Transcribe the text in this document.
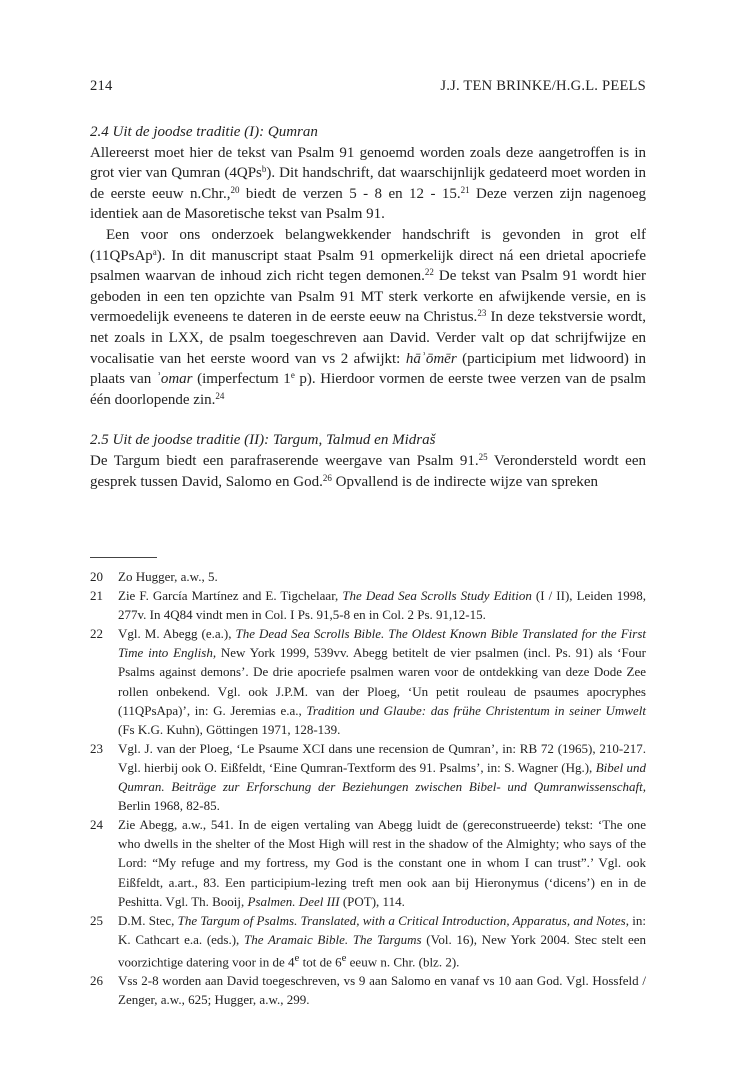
214	J.J. TEN BRINKE/H.G.L. PEELS
2.4 Uit de joodse traditie (I): Qumran

Allereerst moet hier de tekst van Psalm 91 genoemd worden zoals deze aangetroffen is in grot vier van Qumran (4QPs$^b$). Dit handschrift, dat waarschijnlijk gedateerd moet worden in de eerste eeuw n.Chr.,$^{20}$ biedt de verzen 5 - 8 en 12 - 15.21 Deze verzen zijn nagenoeg identiek aan de Masoretische tekst van Psalm 91.

Een voor ons onderzoek belangwekkender handschrift is gevonden in grot elf (11QPsAp$^a$). In dit manuscript staat Psalm 91 opmerkelijk direct ná een drietal apocriefe psalmen waarvan de inhoud zich richt tegen demonen.$^{22}$ De tekst van Psalm 91 wordt hier geboden in een ten opzichte van Psalm 91 MT sterk verkorte en afwijkende versie, en is vermoedelijk eveneens te dateren in de eerste eeuw na Christus.$^{23}$ In deze tekstversie wordt, net zoals in LXX, de psalm toegeschreven aan David. Verder valt op dat schrijfwijze en vocalisatie van het eerste woord van vs 2 afwijkt: hāʾōmēr (participium met lidwoord) in plaats van ʾomar (imperfectum 1e p). Hierdoor vormen de eerste twee verzen van de psalm één doorlopende zin.$^{24}$

2.5 Uit de joodse traditie (II): Targum, Talmud en Midraš

De Targum biedt een parafraserende weergave van Psalm 91.25 Verondersteld wordt een gesprek tussen David, Salomo en God.$^{26}$ Opvallend is de indirecte wijze van spreken

20 Zo Hugger, a.w., 5.

21 Zie F. García Martínez and E. Tigchelaar, The Dead Sea Scrolls Study Edition (I / II), Leiden 1998, 277v. In 4Q84 vindt men in Col. I Ps. 91,5-8 en in Col. 2 Ps. 91,12-15.

22 Vgl. M. Abegg (e.a.), The Dead Sea Scrolls Bible. The Oldest Known Bible Translated for the First Time into English, New York 1999, 539vv. Abegg betitelt de vier psalmen (incl. Ps. 91) als ‘Four Psalms against demons’. De drie apocriefe psalmen waren voor de ontdekking van deze Dode Zee rollen onbekend. Vgl. ook J.P.M. van der Ploeg, ‘Un petit rouleau de psaumes apocryphes (11QPsApa)’, in: G. Jeremias e.a., Tradition und Glaube: das frühe Christentum in seiner Umwelt (Fs K.G. Kuhn), Göttingen 1971, 128-139.

23 Vgl. J. van der Ploeg, ‘Le Psaume XCI dans une recension de Qumran’, in: RB 72 (1965), 210-217. Vgl. hierbij ook O. Eißfeldt, ‘Eine Qumran-Textform des 91. Psalms’, in: S. Wagner (Hg.), Bibel und Qumran. Beiträge zur Erforschung der Beziehungen zwischen Bibel- und Qumranwissenschaft, Berlin 1968, 82-85.

24 Zie Abegg, a.w., 541. In de eigen vertaling van Abegg luidt de (gereconstrueerde) tekst: ‘The one who dwells in the shelter of the Most High will rest in the shadow of the Almighty; who says of the Lord: “My refuge and my fortress, my God is the constant one in whom I can trust”.’ Vgl. ook Eißfeldt, a.art., 83. Een participium-lezing treft men ook aan bij Hieronymus (‘dicens’) en in de Peshitta. Vgl. Th. Booij, Psalmen. Deel III (POT), 114.

25 D.M. Stec, The Targum of Psalms. Translated, with a Critical Introduction, Apparatus, and Notes, in: K. Cathcart e.a. (eds.), The Aramaic Bible. The Targums (Vol. 16), New York 2004. Stec stelt een voorzichtige datering voor in de 4e tot de 6e eeuw n. Chr. (blz. 2).

26 Vss 2-8 worden aan David toegeschreven, vs 9 aan Salomo en vanaf vs 10 aan God. Vgl. Hossfeld / Zenger, a.w., 625; Hugger, a.w., 299.
